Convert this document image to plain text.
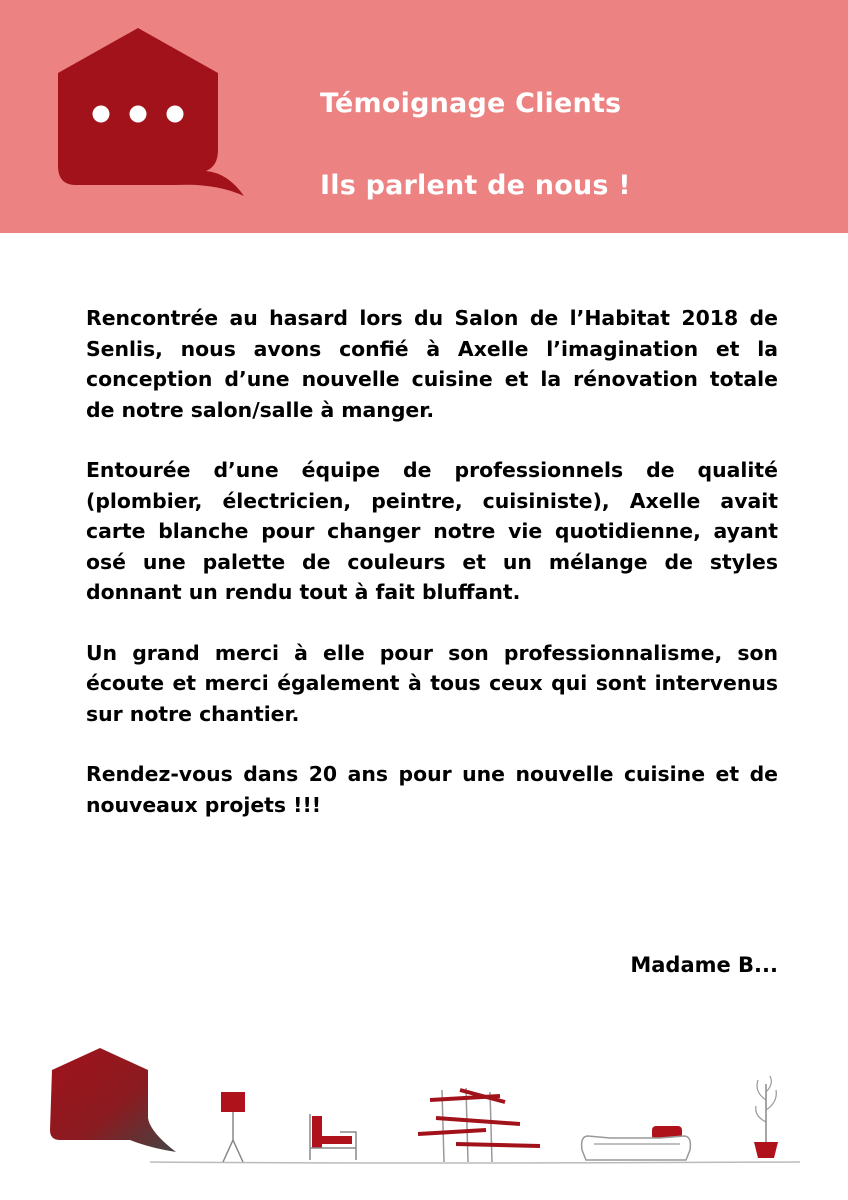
Témoignage Clients
Ils parlent de nous !

Rencontrée au hasard lors du Salon de l’Habitat 2018 de Senlis, nous avons confié à Axelle l’imagination et la conception d’une nouvelle cuisine et la rénovation totale de notre salon/salle à manger.

Entourée d’une équipe de professionnels de qualité (plombier, électricien, peintre, cuisiniste), Axelle avait carte blanche pour changer notre vie quotidienne, ayant osé une palette de couleurs et un mélange de styles donnant un rendu tout à fait bluffant.

Un grand merci à elle pour son professionnalisme, son écoute et merci également à tous ceux qui sont intervenus sur notre chantier.

Rendez-vous dans 20 ans pour une nouvelle cuisine et de nouveaux projets !!!

Madame B...
